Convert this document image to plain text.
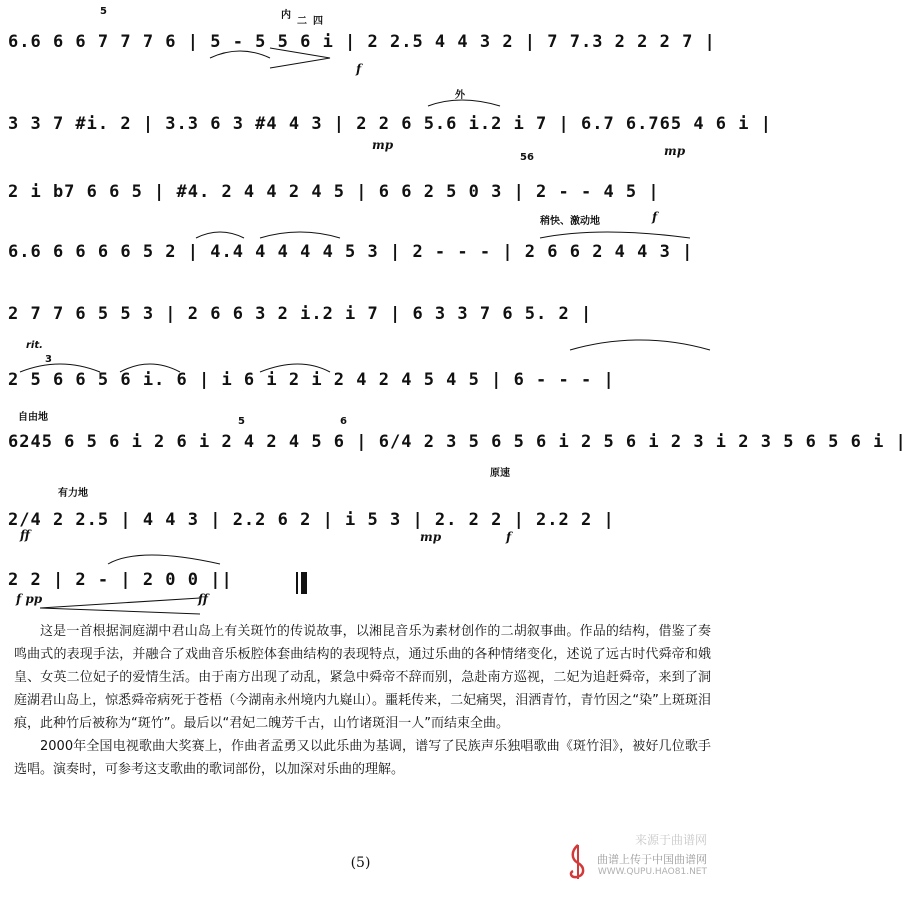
6.6 6 6 7 7 7 6 | 5 - 5 5 6 i | 2 2.5 4 4 3 2 | 7 7.3 2 2 2 7 |
3 3 7 #i. 2 | 3.3 6 3 #4 4 3 | 2 2 6 5.6 i.2 i 7 | 6.7 6.765 4 6 i |
2 i b7 6 6 5 | #4. 2 4 4 2 4 5 | 6 6 2 5 0 3 | 2 - - 4 5 |
6.6 6 6 6 6 5 2 | 4.4 4 4 4 4 5 3 | 2 - - - | 2 6 6 2 4 4 3 |
2 7 7 6 5 5 3 | 2 6 6 3 2 i.2 i 7 | 6 3 3 7 6 5. 2 |
2 5 6 6 5 6 i. 6 | i 6 i 2 i 2 4 2 4 5 4 5 | 6 - - - |
6245 6 5 6 i 2 6 i 2 4 2 4 5 6 | 6/4 2 3 5 6 5 6 i 2 5 6 i 2 3 i 2 3 5 6 5 6 i |
2/4 2 2.5 | 4 4 3 | 2.2 6 2 | i 5 3 | 2. 2 2 | 2.2 2 |
2 2 | 2 - | 2 0 0 ||
内
二 四
外
稍快、激动地
rit.
自由地
有力地
原速
3
5	6
56
5
f
mp	mp
f
ff	mp	f
f pp	ff

这是一首根据洞庭湖中君山岛上有关斑竹的传说故事，以湘昆音乐为素材创作的二胡叙事曲。作品的结构，借鉴了奏鸣曲式的表现手法，并融合了戏曲音乐板腔体套曲结构的表现特点，通过乐曲的各种情绪变化，述说了远古时代舜帝和娥皇、女英二位妃子的爱情生活。由于南方出现了动乱，紧急中舜帝不辞而别，急赴南方巡视，二妃为追赶舜帝，来到了洞庭湖君山岛上，惊悉舜帝病死于苍梧（今湖南永州境内九嶷山）。噩耗传来，二妃痛哭，泪洒青竹，青竹因之“染”上斑斑泪痕，此种竹后被称为“斑竹”。最后以“君妃二魄芳千古，山竹诸斑泪一人”而结束全曲。

2000年全国电视歌曲大奖赛上，作曲者孟勇又以此乐曲为基调，谱写了民族声乐独唱歌曲《斑竹泪》，被好几位歌手选唱。演奏时，可参考这支歌曲的歌词部份，以加深对乐曲的理解。

(5)
来源于曲谱网
曲谱上传于中国曲谱网
WWW.QUPU.HAO81.NET
